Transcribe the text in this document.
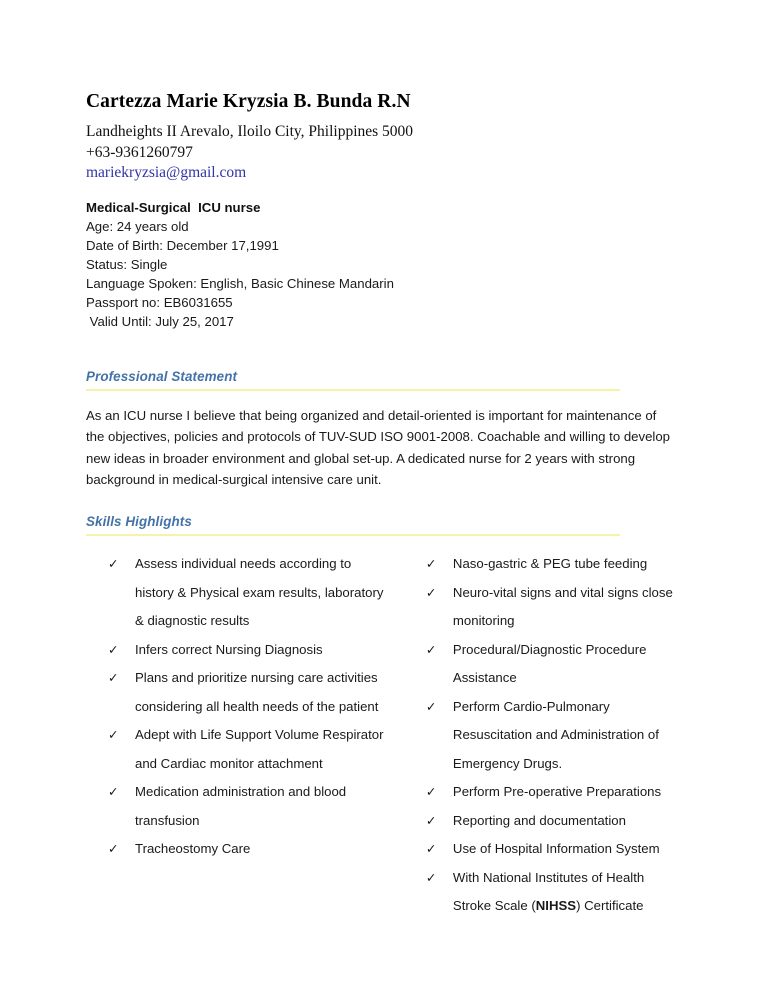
Cartezza Marie Kryzsia B. Bunda R.N

Landheights II Arevalo, Iloilo City, Philippines 5000

+63-9361260797

mariekryzsia@gmail.com

Medical-Surgical  ICU nurse

Age: 24 years old

Date of Birth: December 17,1991

Status: Single

Language Spoken: English, Basic Chinese Mandarin

Passport no: EB6031655

Valid Until: July 25, 2017

Professional Statement

As an ICU nurse I believe that being organized and detail-oriented is important for maintenance of the objectives, policies and protocols of TUV-SUD ISO 9001-2008. Coachable and willing to develop new ideas in broader environment and global set-up. A dedicated nurse for 2 years with strong background in medical-surgical intensive care unit.

Skills Highlights
✓	Assess individual needs according to history & Physical exam results, laboratory & diagnostic results
✓	Infers correct Nursing Diagnosis
✓	Plans and prioritize nursing care activities considering all health needs of the patient
✓	Adept with Life Support Volume Respirator and Cardiac monitor attachment
✓	Medication administration and blood transfusion
✓	Tracheostomy Care
✓	Naso-gastric & PEG tube feeding
✓	Neuro-vital signs and vital signs close monitoring
✓	Procedural/Diagnostic Procedure Assistance
✓	Perform Cardio-Pulmonary Resuscitation and Administration of Emergency Drugs.
✓	Perform Pre-operative Preparations
✓	Reporting and documentation
✓	Use of Hospital Information System
✓	With National Institutes of Health Stroke Scale (NIHSS) Certificate
